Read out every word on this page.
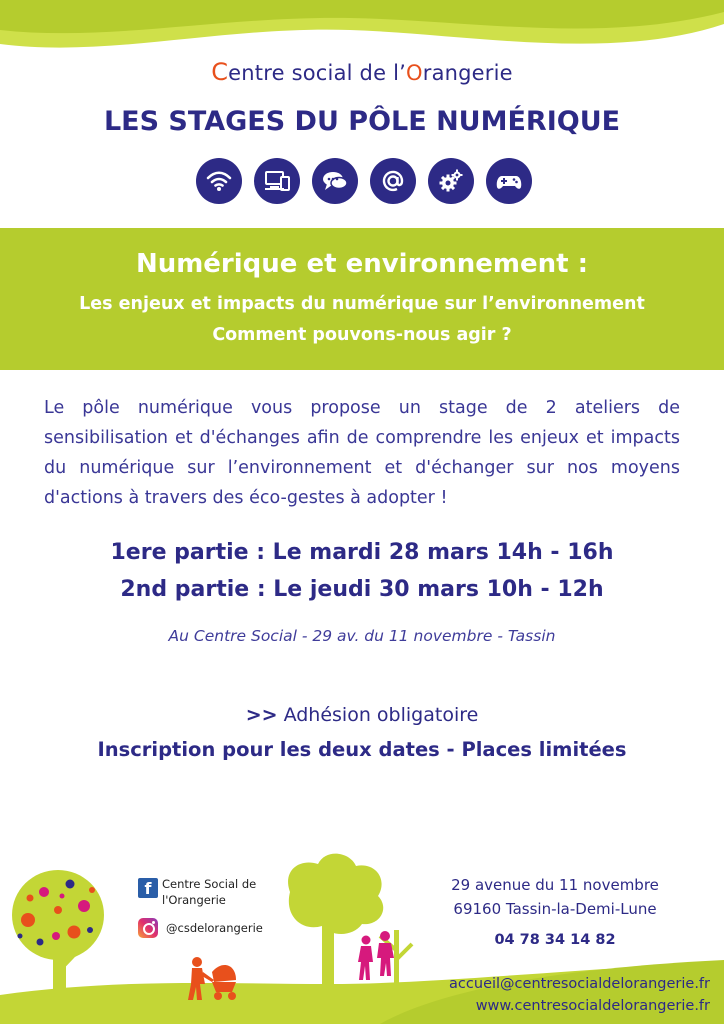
Centre social de l’Orangerie
LES STAGES DU PÔLE NUMÉRIQUE
Numérique et environnement :
Les enjeux et impacts du numérique sur l’environnement
Comment pouvons-nous agir ?
Le pôle numérique vous propose un stage de 2 ateliers de sensibilisation et d'échanges afin de comprendre les enjeux et impacts du numérique sur l’environnement et d'échanger sur nos moyens d'actions à travers des éco-gestes à adopter !
1ere partie : Le mardi 28 mars 14h - 16h
2nd partie : Le jeudi 30 mars 10h - 12h
Au Centre Social - 29 av. du 11 novembre - Tassin
>> Adhésion obligatoire
Inscription pour les deux dates - Places limitées
f Centre Social de
l'Orangerie
@csdelorangerie
29 avenue du 11 novembre
69160 Tassin-la-Demi-Lune
04 78 34 14 82
accueil@centresocialdelorangerie.fr
www.centresocialdelorangerie.fr
